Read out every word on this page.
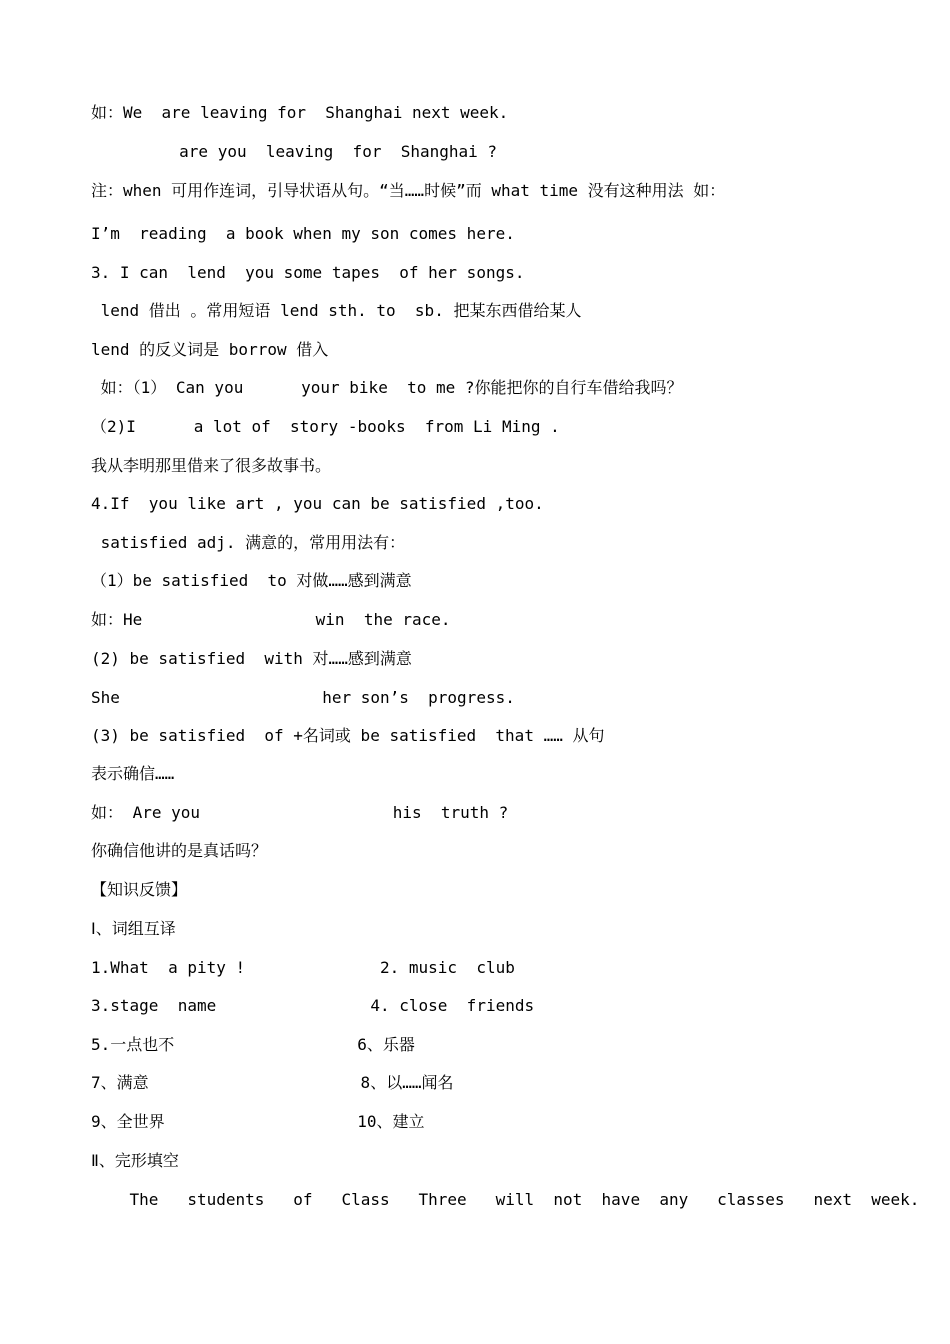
如：We  are leaving for  Shanghai next week.
are you  leaving  for  Shanghai ?
注：when 可用作连词，引导状语从句。“当……时候”而 what time 没有这种用法 如：
I’m  reading  a book when my son comes here.
3. I can  lend  you some tapes  of her songs.
lend 借出 。常用短语 lend sth. to  sb. 把某东西借给某人
lend 的反义词是 borrow 借入
如：（1） Can you      your bike  to me ?你能把你的自行车借给我吗？
（2)I      a lot of  story -books  from Li Ming .
我从李明那里借来了很多故事书。
4.If  you like art , you can be satisfied ,too.
satisfied adj. 满意的，常用用法有：
（1）be satisfied  to 对做……感到满意
如：He                  win  the race.
(2) be satisfied  with 对……感到满意
She                     her son’s  progress.
(3) be satisfied  of +名词或 be satisfied  that …… 从句
表示确信……
如： Are you                    his  truth ?
你确信他讲的是真话吗？
【知识反馈】
Ⅰ、词组互译
1.What  a pity !              2. music  club
3.stage  name                4. close  friends
5.一点也不                   6、乐器
7、满意                      8、以……闻名
9、全世界                    10、建立
Ⅱ、完形填空
The   students   of   Class   Three   will  not  have  any   classes   next  week.
